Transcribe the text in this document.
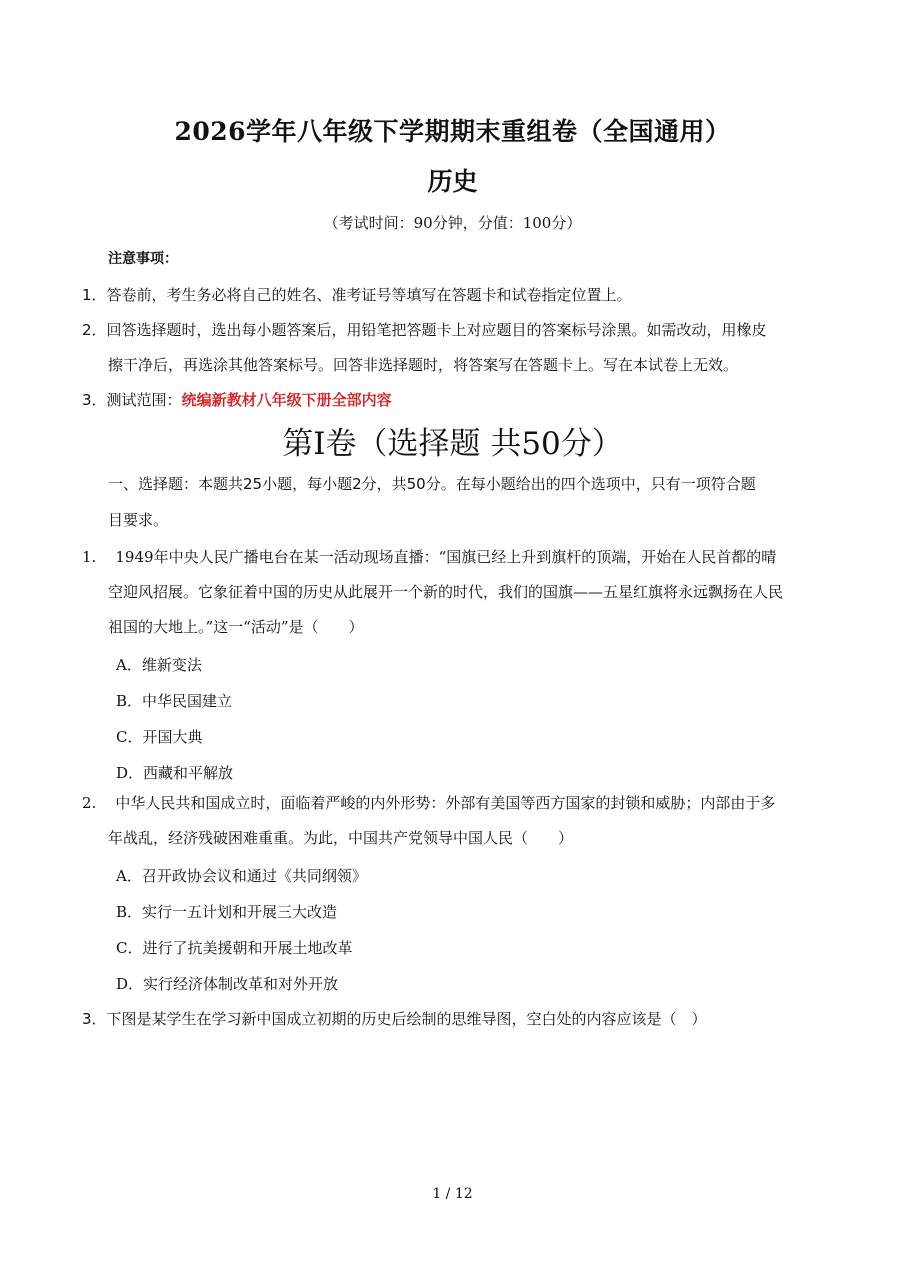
2026学年八年级下学期期末重组卷（全国通用）
历史
（考试时间：90分钟，分值：100分）
注意事项：
1．答卷前，考生务必将自己的姓名、准考证号等填写在答题卡和试卷指定位置上。
2．回答选择题时，选出每小题答案后，用铅笔把答题卡上对应题目的答案标号涂黑。如需改动，用橡皮
擦干净后，再选涂其他答案标号。回答非选择题时，将答案写在答题卡上。写在本试卷上无效。
3．测试范围：统编新教材八年级下册全部内容
第Ⅰ卷（选择题 共50分）
一、选择题：本题共25小题，每小题2分，共50分。在每小题给出的四个选项中，只有一项符合题
目要求。
1. 1949年中央人民广播电台在某一活动现场直播：“国旗已经上升到旗杆的顶端，开始在人民首都的晴
空迎风招展。它象征着中国的历史从此展开一个新的时代，我们的国旗——五星红旗将永远飘扬在人民
祖国的大地上。”这一“活动”是（　　）
A．维新变法
B．中华民国建立
C．开国大典
D．西藏和平解放
2. 中华人民共和国成立时，面临着严峻的内外形势：外部有美国等西方国家的封锁和威胁；内部由于多
年战乱，经济残破困难重重。为此，中国共产党领导中国人民（　　）
A．召开政协会议和通过《共同纲领》
B．实行一五计划和开展三大改造
C．进行了抗美援朝和开展土地改革
D．实行经济体制改革和对外开放
3．下图是某学生在学习新中国成立初期的历史后绘制的思维导图，空白处的内容应该是（　）
1 / 12
